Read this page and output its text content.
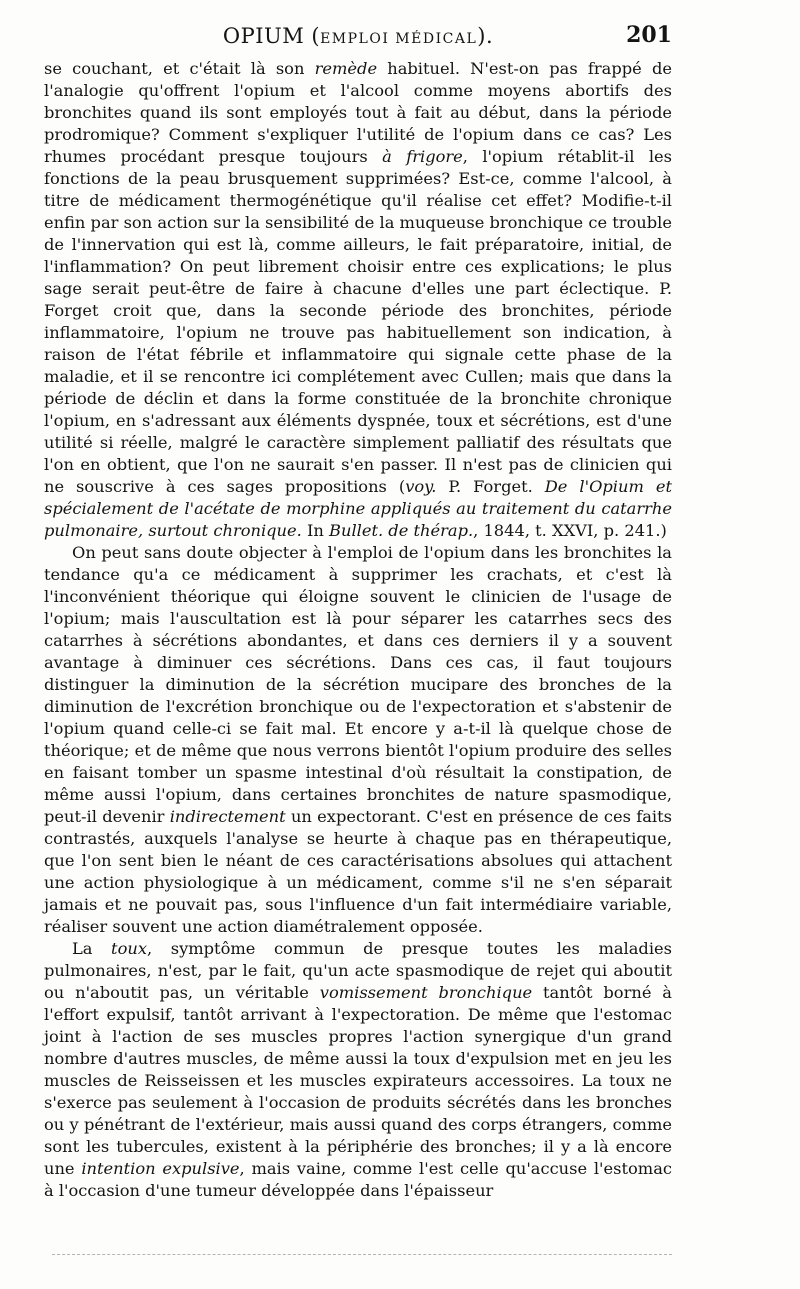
OPIUM (EMPLOI MÉDICAL).	201

se couchant, et c'était là son remède habituel. N'est-on pas frappé de l'analogie qu'offrent l'opium et l'alcool comme moyens abortifs des bronchites quand ils sont employés tout à fait au début, dans la période prodromique? Comment s'expliquer l'utilité de l'opium dans ce cas? Les rhumes procédant presque toujours à frigore, l'opium rétablit-il les fonctions de la peau brusquement supprimées? Est-ce, comme l'alcool, à titre de médicament thermogénétique qu'il réalise cet effet? Modifie-t-il enfin par son action sur la sensibilité de la muqueuse bronchique ce trouble de l'innervation qui est là, comme ailleurs, le fait préparatoire, initial, de l'inflammation? On peut librement choisir entre ces explications; le plus sage serait peut-être de faire à chacune d'elles une part éclectique. P. Forget croit que, dans la seconde période des bronchites, période inflammatoire, l'opium ne trouve pas habituellement son indication, à raison de l'état fébrile et inflammatoire qui signale cette phase de la maladie, et il se rencontre ici complétement avec Cullen; mais que dans la période de déclin et dans la forme constituée de la bronchite chronique l'opium, en s'adressant aux éléments dyspnée, toux et sécrétions, est d'une utilité si réelle, malgré le caractère simplement palliatif des résultats que l'on en obtient, que l'on ne saurait s'en passer. Il n'est pas de clinicien qui ne souscrive à ces sages propositions (voy. P. Forget. De l'Opium et spécialement de l'acétate de morphine appliqués au traitement du catarrhe pulmonaire, surtout chronique. In Bullet. de thérap., 1844, t. XXVI, p. 241.)

On peut sans doute objecter à l'emploi de l'opium dans les bronchites la tendance qu'a ce médicament à supprimer les crachats, et c'est là l'inconvénient théorique qui éloigne souvent le clinicien de l'usage de l'opium; mais l'auscultation est là pour séparer les catarrhes secs des catarrhes à sécrétions abondantes, et dans ces derniers il y a souvent avantage à diminuer ces sécrétions. Dans ces cas, il faut toujours distinguer la diminution de la sécrétion mucipare des bronches de la diminution de l'excrétion bronchique ou de l'expectoration et s'abstenir de l'opium quand celle-ci se fait mal. Et encore y a-t-il là quelque chose de théorique; et de même que nous verrons bientôt l'opium produire des selles en faisant tomber un spasme intestinal d'où résultait la constipation, de même aussi l'opium, dans certaines bronchites de nature spasmodique, peut-il devenir indirectement un expectorant. C'est en présence de ces faits contrastés, auxquels l'analyse se heurte à chaque pas en thérapeutique, que l'on sent bien le néant de ces caractérisations absolues qui attachent une action physiologique à un médicament, comme s'il ne s'en séparait jamais et ne pouvait pas, sous l'influence d'un fait intermédiaire variable, réaliser souvent une action diamétralement opposée.

La toux, symptôme commun de presque toutes les maladies pulmonaires, n'est, par le fait, qu'un acte spasmodique de rejet qui aboutit ou n'aboutit pas, un véritable vomissement bronchique tantôt borné à l'effort expulsif, tantôt arrivant à l'expectoration. De même que l'estomac joint à l'action de ses muscles propres l'action synergique d'un grand nombre d'autres muscles, de même aussi la toux d'expulsion met en jeu les muscles de Reisseissen et les muscles expirateurs accessoires. La toux ne s'exerce pas seulement à l'occasion de produits sécrétés dans les bronches ou y pénétrant de l'extérieur, mais aussi quand des corps étrangers, comme sont les tubercules, existent à la périphérie des bronches; il y a là encore une intention expulsive, mais vaine, comme l'est celle qu'accuse l'estomac à l'occasion d'une tumeur développée dans l'épaisseur
